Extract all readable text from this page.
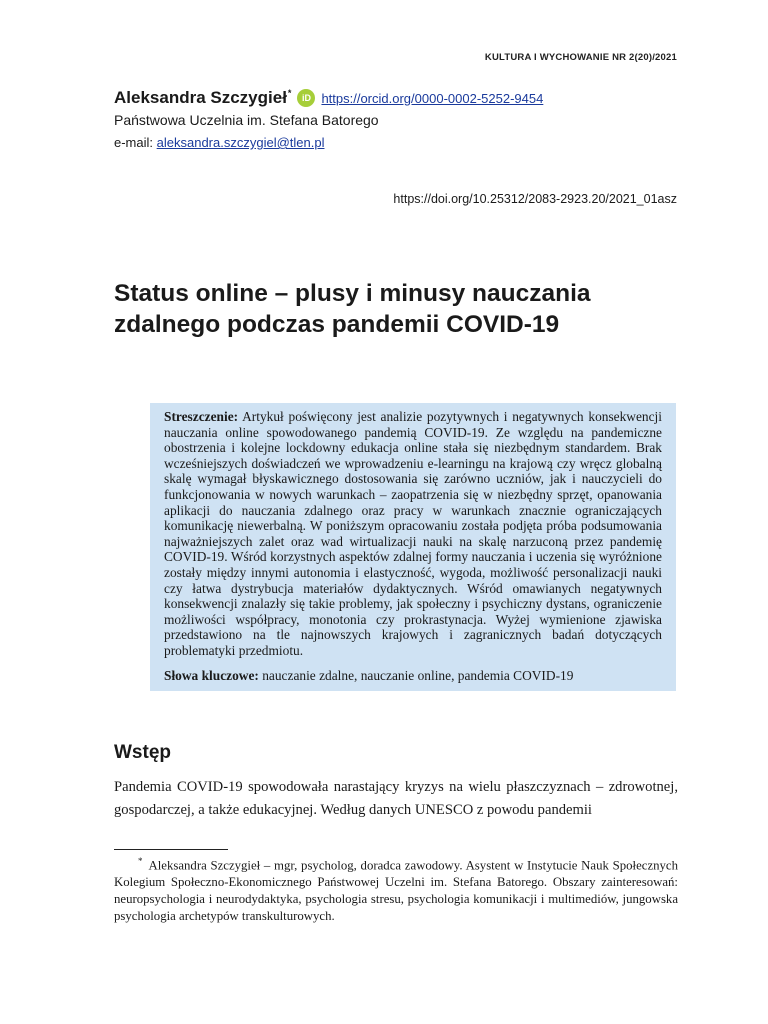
KULTURA I WYCHOWANIE NR 2(20)/2021
Aleksandra Szczygieł*	iD https://orcid.org/0000-0002-5252-9454
Państwowa Uczelnia im. Stefana Batorego
e-mail: aleksandra.szczygiel@tlen.pl
https://doi.org/10.25312/2083-2923.20/2021_01asz
Status online – plusy i minusy nauczania
zdalnego podczas pandemii COVID-19

Streszczenie: Artykuł poświęcony jest analizie pozytywnych i negatywnych konsekwencji nauczania online spowodowanego pandemią COVID-19. Ze względu na pandemiczne obostrzenia i kolejne lockdowny edukacja online stała się niezbędnym standardem. Brak wcześniejszych doświadczeń we wprowadzeniu e-learningu na krajową czy wręcz globalną skalę wymagał błyskawicznego dostosowania się zarówno uczniów, jak i nauczycieli do funkcjonowania w nowych warunkach – zaopatrzenia się w niezbędny sprzęt, opanowania aplikacji do nauczania zdalnego oraz pracy w warunkach znacznie ograniczających komunikację niewerbalną. W poniższym opracowaniu została podjęta próba podsumowania najważniejszych zalet oraz wad wirtualizacji nauki na skalę narzuconą przez pandemię COVID-19. Wśród korzystnych aspektów zdalnej formy nauczania i uczenia się wyróżnione zostały między innymi autonomia i elastyczność, wygoda, możliwość personalizacji nauki czy łatwa dystrybucja materiałów dydaktycznych. Wśród omawianych negatywnych konsekwencji znalazły się takie problemy, jak społeczny i psychiczny dystans, ograniczenie możliwości współpracy, monotonia czy prokrastynacja. Wyżej wymienione zjawiska przedstawiono na tle najnowszych krajowych i zagranicznych badań dotyczących problematyki przedmiotu.

Słowa kluczowe: nauczanie zdalne, nauczanie online, pandemia COVID-19

Wstęp

Pandemia COVID-19 spowodowała narastający kryzys na wielu płaszczyznach – zdrowotnej, gospodarczej, a także edukacyjnej. Według danych UNESCO z powodu pandemii

* Aleksandra Szczygieł – mgr, psycholog, doradca zawodowy. Asystent w Instytucie Nauk Społecznych Kolegium Społeczno-Ekonomicznego Państwowej Uczelni im. Stefana Batorego. Obszary zainteresowań: neuropsychologia i neurodydaktyka, psychologia stresu, psychologia komunikacji i multimediów, jungowska psychologia archetypów transkulturowych.
